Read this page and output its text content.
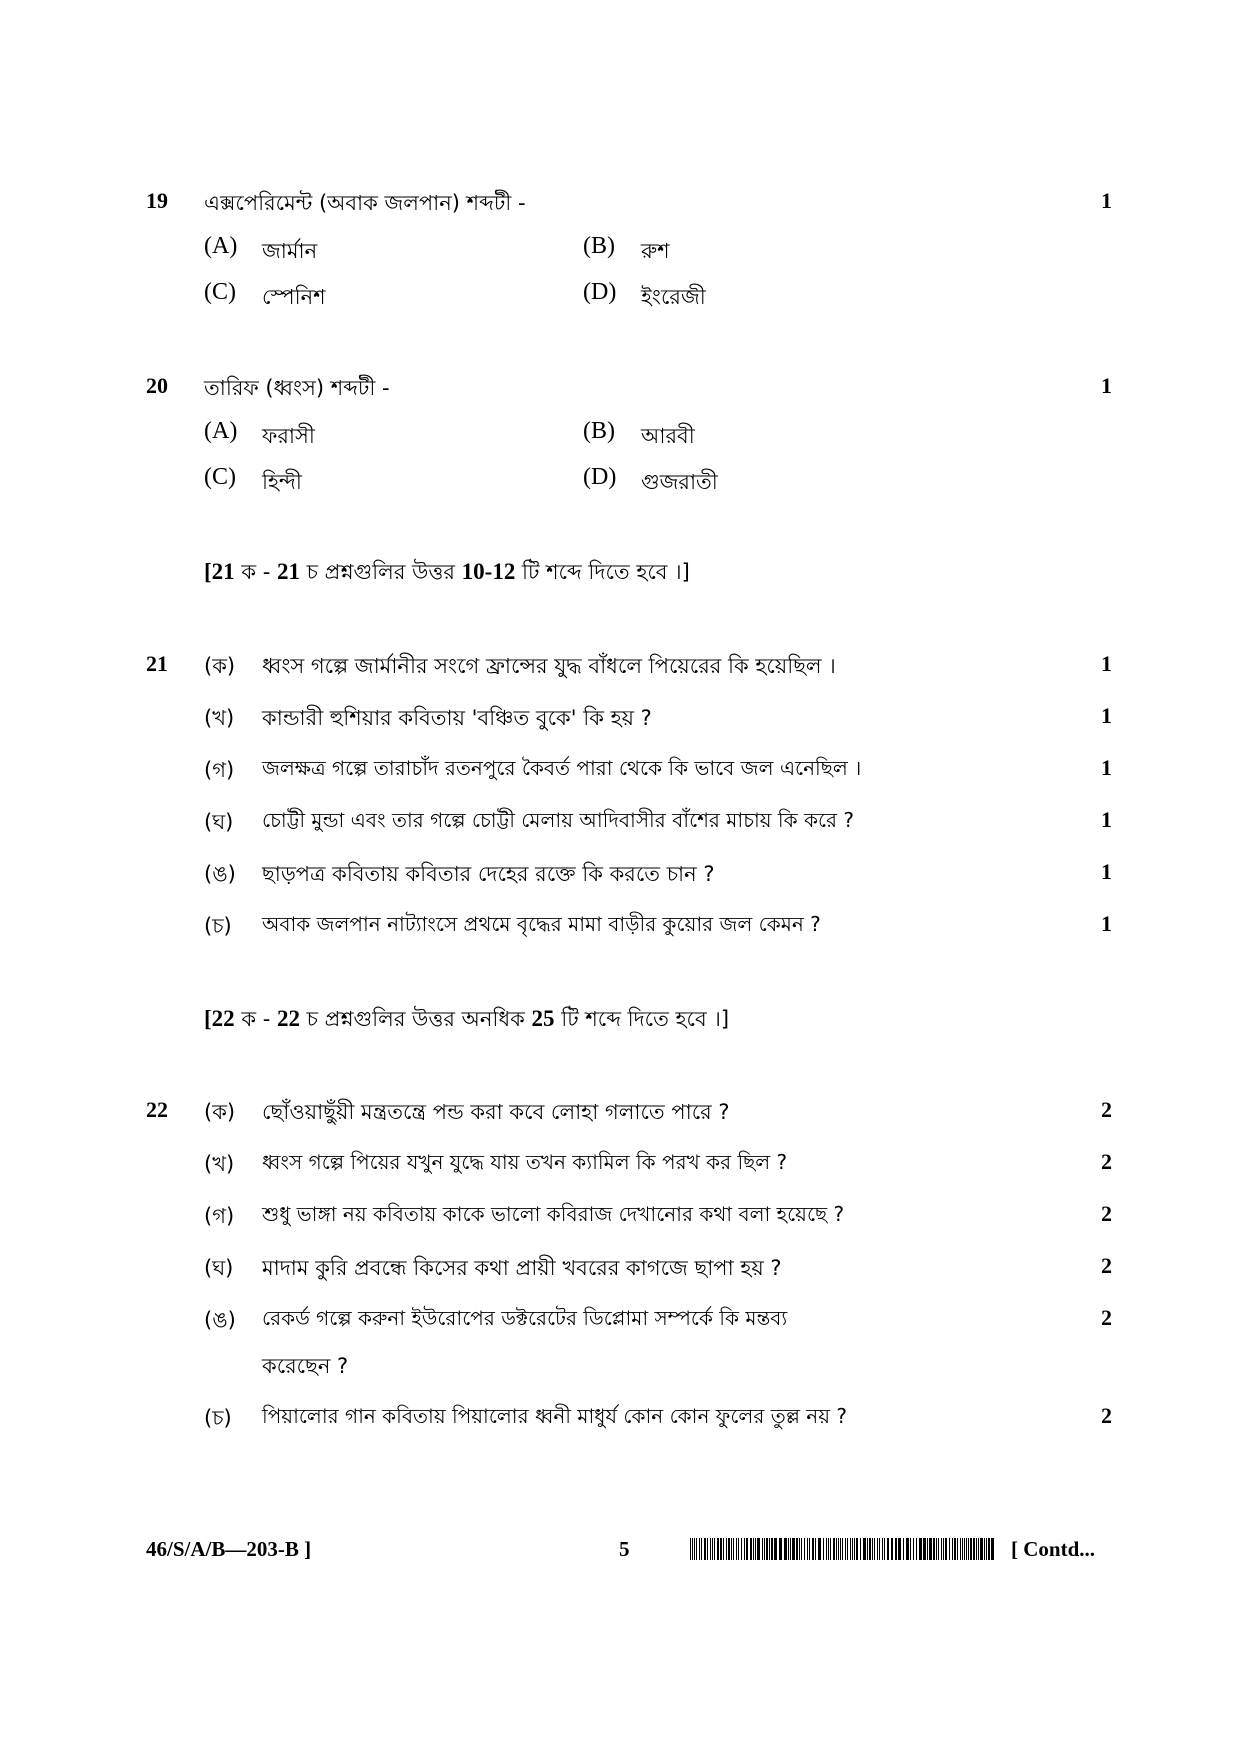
19 এক্সপেরিমেন্ট (অবাক জলপান) শব্দটী -	1
(A) জার্মান	(B) রুশ
(C) স্পেনিশ	(D) ইংরেজী
20 তারিফ (ধ্বংস) শব্দটী -	1
(A) ফরাসী	(B) আরবী
(C) হিন্দী	(D) গুজরাতী
[21 ক - 21 চ প্রশ্নগুলির উত্তর 10-12 টি শব্দে দিতে হবে ।]
21 (ক) ধ্বংস গল্পে জার্মানীর সংগে ফ্রান্সের যুদ্ধ বাঁধলে পিয়েরের কি হয়েছিল ।	1
(খ) কান্ডারী হুশিয়ার কবিতায় 'বঞ্চিত বুকে' কি হয় ?	1
(গ) জলক্ষত্র গল্পে তারাচাঁদ রতনপুরে কৈবর্ত পারা থেকে কি ভাবে জল এনেছিল ।	1
(ঘ) চোট্টী মুন্ডা এবং তার গল্পে চোট্টী মেলায় আদিবাসীর বাঁশের মাচায় কি করে ?	1
(ঙ) ছাড়পত্র কবিতায় কবিতার দেহের রক্তে কি করতে চান ?	1
(চ) অবাক জলপান নাট্যাংসে প্রথমে বৃদ্ধের মামা বাড়ীর কুয়োর জল কেমন ?	1
[22 ক - 22 চ প্রশ্নগুলির উত্তর অনধিক 25 টি শব্দে দিতে হবে ।]
22 (ক) ছোঁওয়াছুঁয়ী মন্ত্রতন্ত্রে পন্ড করা কবে লোহা গলাতে পারে ?	2
(খ) ধ্বংস গল্পে পিয়ের যখুন যুদ্ধে যায় তখন ক্যামিল কি পরখ কর ছিল ?	2
(গ) শুধু ভাঙ্গা নয় কবিতায় কাকে ভালো কবিরাজ দেখানোর কথা বলা হয়েছে ?	2
(ঘ) মাদাম কুরি প্রবন্ধে কিসের কথা প্রায়ী খবরের কাগজে ছাপা হয় ?	2
(ঙ) রেকর্ড গল্পে করুনা ইউরোপের ডক্টরেটের ডিপ্লোমা সম্পর্কে কি মন্তব্য	2
করেছেন ?
(চ) পিয়ালোর গান কবিতায় পিয়ালোর ধ্বনী মাধুর্য কোন কোন ফুলের তুল্ল নয় ?	2
46/S/A/B—203-B ]	5	[ Contd...
